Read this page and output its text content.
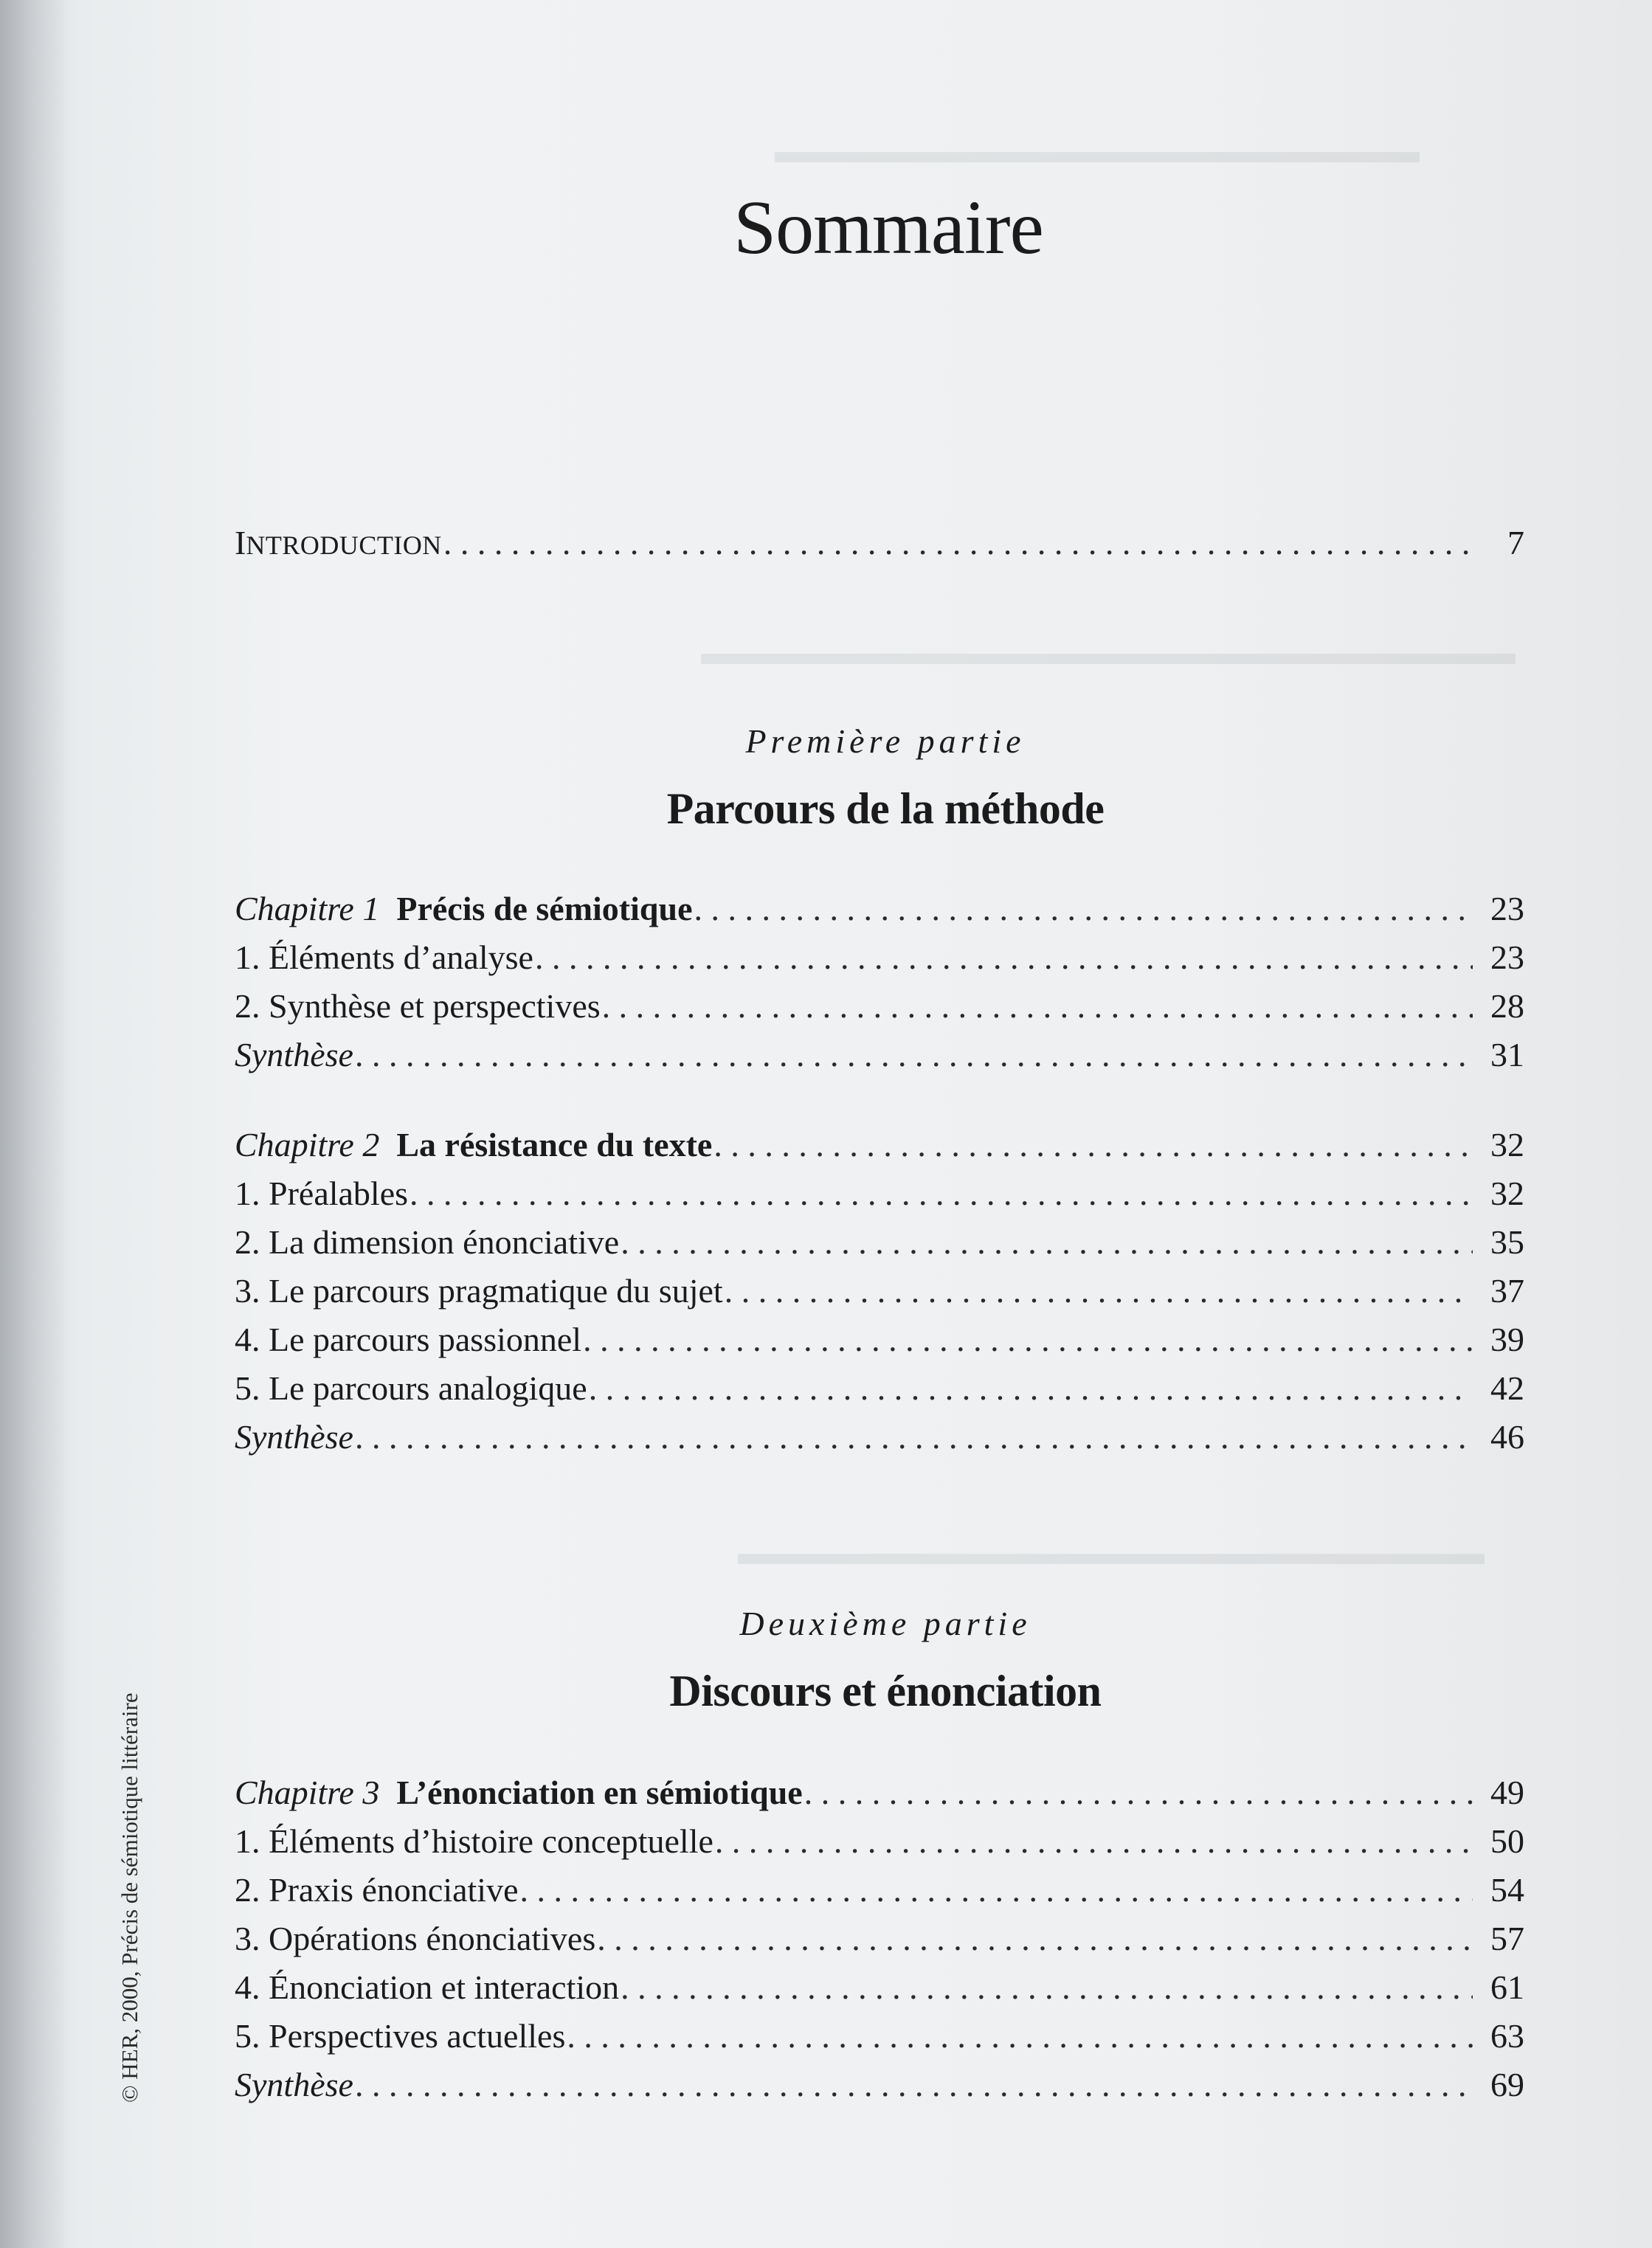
▬▬▬▬▬▬▬▬▬▬▬▬▬▬▬▬▬▬▬
▬▬▬▬▬▬▬▬▬▬▬▬▬▬▬▬▬▬▬▬▬▬▬▬
▬▬▬▬▬▬▬▬▬▬▬▬▬▬▬▬▬▬▬▬▬▬
Sommaire
INTRODUCTION . . .	7
Première partie
Parcours de la méthode
Chapitre 1 Précis de sémiotique . . .	23
1. Éléments d’analyse . . .	23
2. Synthèse et perspectives . . .	28
Synthèse . . .	31
Chapitre 2 La résistance du texte . . .	32
1. Préalables . . .	32
2. La dimension énonciative . . .	35
3. Le parcours pragmatique du sujet . . .	37
4. Le parcours passionnel . . .	39
5. Le parcours analogique . . .	42
Synthèse . . .	46
Deuxième partie
Discours et énonciation
Chapitre 3 L’énonciation en sémiotique . . .	49
1. Éléments d’histoire conceptuelle . . .	50
2. Praxis énonciative . . .	54
3. Opérations énonciatives . . .	57
4. Énonciation et interaction . . .	61
5. Perspectives actuelles . . .	63
Synthèse . . .	69
© HER, 2000, Précis de sémiotique littéraire
